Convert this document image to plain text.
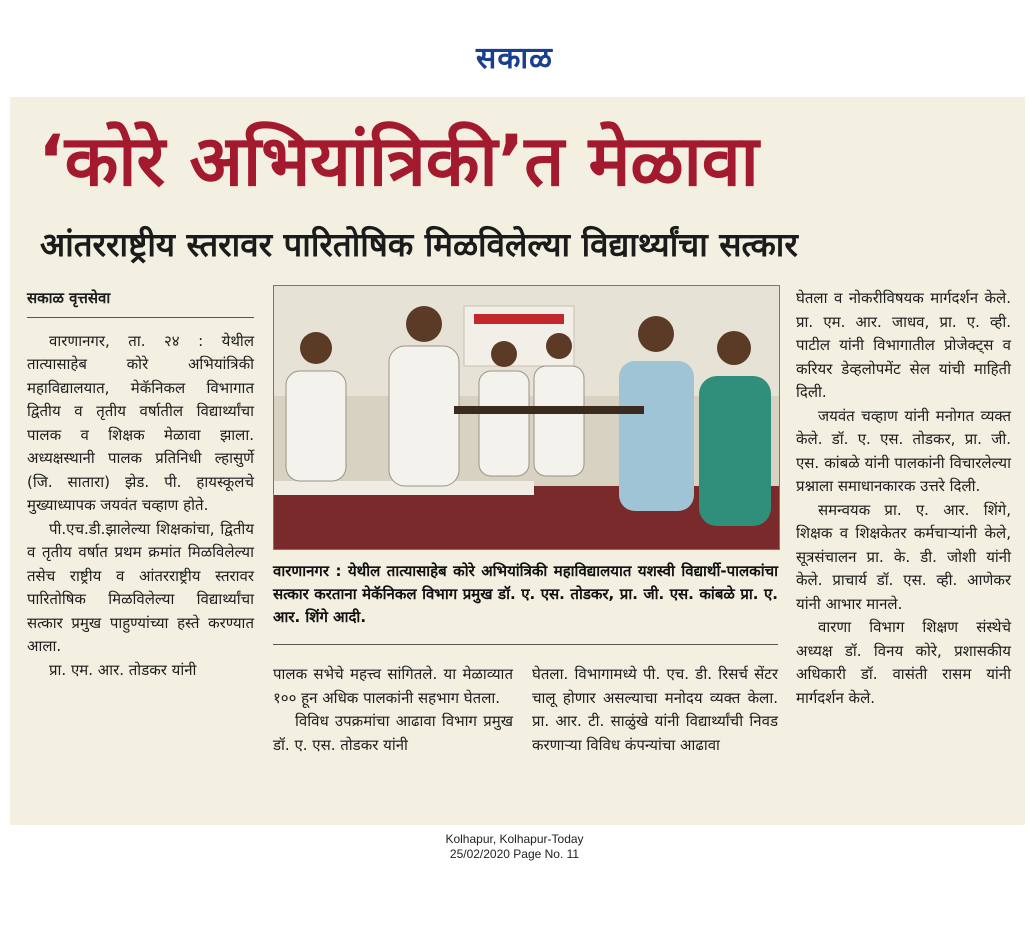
सकाळ
‘कोरे अभियांत्रिकी’त मेळावा
आंतरराष्ट्रीय स्तरावर पारितोषिक मिळविलेल्या विद्यार्थ्यांचा सत्कार
सकाळ वृत्तसेवा

वारणानगर, ता. २४ : येथील तात्यासाहेब कोरे अभियांत्रिकी महाविद्यालयात, मेकॅनिकल विभागात द्वितीय व तृतीय वर्षातील विद्यार्थ्यांचा पालक व शिक्षक मेळावा झाला. अध्यक्षस्थानी पालक प्रतिनिधी ल्हासुर्णे (जि. सातारा) झेड. पी. हायस्कूलचे मुख्याध्यापक जयवंत चव्हाण होते.

पी.एच.डी.झालेल्या शिक्षकांचा, द्वितीय व तृतीय वर्षात प्रथम क्रमांत मिळविलेल्या तसेच राष्ट्रीय व आंतरराष्ट्रीय स्तरावर पारितोषिक मिळविलेल्या विद्यार्थ्यांचा सत्कार प्रमुख पाहुण्यांच्या हस्ते करण्यात आला.

प्रा. एम. आर. तोडकर यांनी

वारणानगर : येथील तात्यासाहेब कोरे अभियांत्रिकी महाविद्यालयात यशस्वी विद्यार्थी-पालकांचा सत्कार करताना मेकॅनिकल विभाग प्रमुख डॉ. ए. एस. तोडकर, प्रा. जी. एस. कांबळे प्रा. ए. आर. शिंगे आदी.

पालक सभेचे महत्त्व सांगितले. या मेळाव्यात १०० हून अधिक पालकांनी सहभाग घेतला.

विविध उपक्रमांचा आढावा विभाग प्रमुख डॉ. ए. एस. तोडकर यांनी

घेतला. विभागामध्ये पी. एच. डी. रिसर्च सेंटर चालू होणार असल्याचा मनोदय व्यक्त केला. प्रा. आर. टी. साळुंखे यांनी विद्यार्थ्यांची निवड करणाऱ्या विविध कंपन्यांचा आढावा

घेतला व नोकरीविषयक मार्गदर्शन केले. प्रा. एम. आर. जाधव, प्रा. ए. व्ही. पाटील यांनी विभागातील प्रोजेक्ट्स व करियर डेव्हलोपमेंट सेल यांची माहिती दिली.

जयवंत चव्हाण यांनी मनोगत व्यक्त केले. डॉ. ए. एस. तोडकर, प्रा. जी. एस. कांबळे यांनी पालकांनी विचारलेल्या प्रश्नाला समाधानकारक उत्तरे दिली.

समन्वयक प्रा. ए. आर. शिंगे, शिक्षक व शिक्षकेतर कर्मचाऱ्यांनी केले, सूत्रसंचालन प्रा. के. डी. जोशी यांनी केले. प्राचार्य डॉ. एस. व्ही. आणेकर यांनी आभार मानले.

वारणा विभाग शिक्षण संस्थेचे अध्यक्ष डॉ. विनय कोरे, प्रशासकीय अधिकारी डॉ. वासंती रासम यांनी मार्गदर्शन केले.

Kolhapur, Kolhapur-Today
25/02/2020 Page No. 11
